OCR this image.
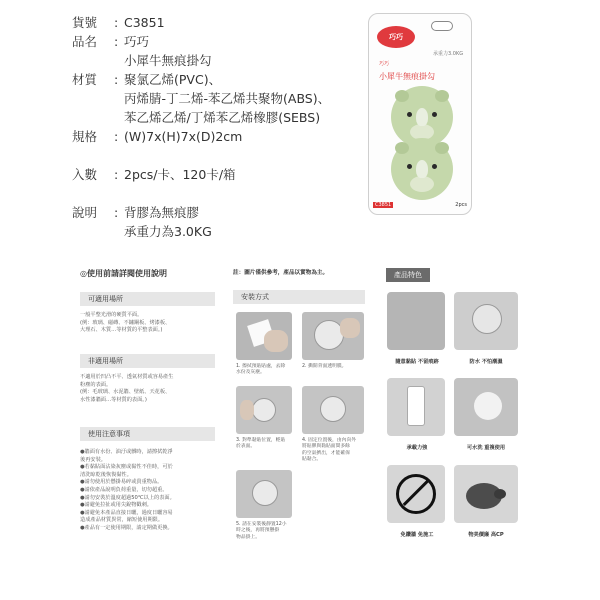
貨號	: C3851
品名	: 巧巧
小犀牛無痕掛勾
材質	: 聚氯乙烯(PVC)、
丙烯腈-丁二烯-苯乙烯共聚物(ABS)、
苯乙烯乙烯/丁烯苯乙烯橡膠(SEBS)
規格	: (W)7x(H)7x(D)2cm
入數	: 2pcs/卡、120卡/箱
說明	: 背膠為無痕膠
承重力為3.0KG
巧巧
承重力3.0KG
巧巧
小犀牛無痕掛勾
C3851	2pcs
◎使用前請詳閱使用說明
可適用場所
一般平整光滑的硬質平面。
(例：玻璃、磁磚、不鏽鋼板、烤漆板、
大理石、木質…等材質的平整表面。)
非適用場所
不適用於凹凸不平、透氣材質或容易產生
粉塵的表面。
(例：毛玻璃、水泥牆、壁紙、天花板、
水性漆牆面…等材質的表面。)
使用注意事項
●牆面有水份、油汙或髒時，請擦拭乾淨
後再安裝。
●若黏貼面沾染灰塵或黏性不佳時，可於
清洗晾乾後恢復黏性。
●請勿使用於懸掛易碎或貴重物品。
●請依產品說明負荷重量，切勿超重。
●請勿安裝於溫度超過50℃以上的表面。
●請避免拉扯或用尖銳物戳刺。
●請避免本產品直接日曬，過度日曬容易
造成產品材質異常，縮短使用期限。
●產品有一定使用期限，請定期做更換。
註：圖片僅供參考，產品以實物為主。
安裝方式
1. 擦拭預貼貼處，去除
水份及灰塵。
2. 撕開背面透明膜。
3. 對準黏貼位置，輕貼
於表面。
4. 固定位置後，由內向外
將貼膠與黏貼面間多餘
的空氣擠出，才能確保
貼黏合。
5. 請在安裝後靜置12小
時之後，再將預懸掛
物品掛上。
產品特色
隨意黏貼 不留痕跡	防水 不怕潮濕
承載力強	可水洗 重複使用
免鑽牆 免施工	物美價廉 高CP
